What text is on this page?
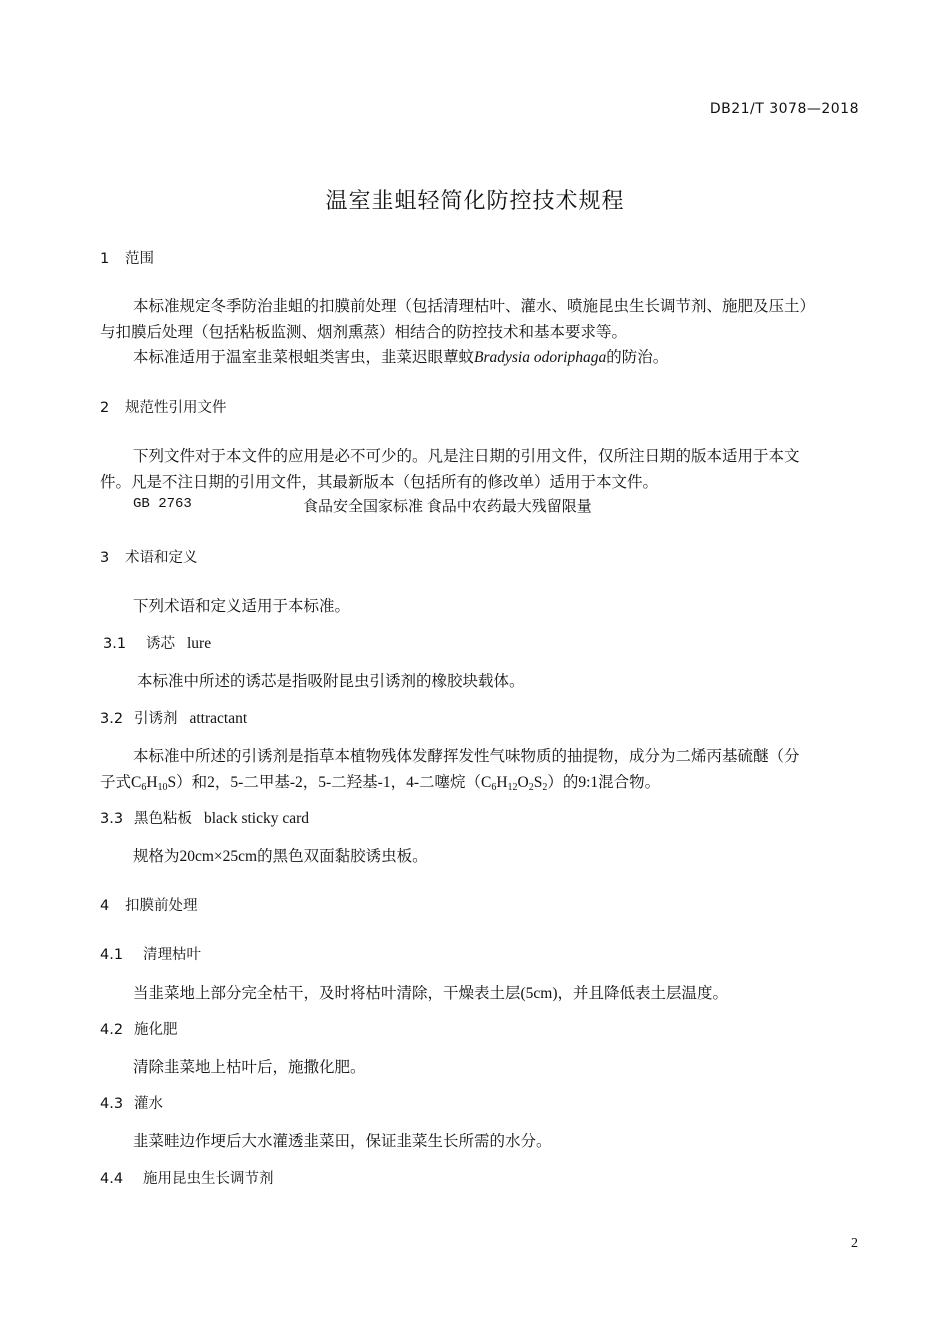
DB21/T 3078—2018
温室韭蛆轻简化防控技术规程
1 范围
本标准规定冬季防治韭蛆的扣膜前处理（包括清理枯叶、灌水、喷施昆虫生长调节剂、施肥及压土）
与扣膜后处理（包括粘板监测、烟剂熏蒸）相结合的防控技术和基本要求等。
本标准适用于温室韭菜根蛆类害虫，韭菜迟眼蕈蚊Bradysia odoriphaga的防治。
2 规范性引用文件
下列文件对于本文件的应用是必不可少的。凡是注日期的引用文件，仅所注日期的版本适用于本文
件。凡是不注日期的引用文件，其最新版本（包括所有的修改单）适用于本文件。
GB 2763	食品安全国家标准 食品中农药最大残留限量
3 术语和定义
下列术语和定义适用于本标准。
3.1 诱芯 lure
本标准中所述的诱芯是指吸附昆虫引诱剂的橡胶块载体。
3.2 引诱剂 attractant
本标准中所述的引诱剂是指草本植物残体发酵挥发性气味物质的抽提物，成分为二烯丙基硫醚（分
子式$C_6H_{10}S$）和2，5-二甲基-2，5-二羟基-1，4-二噻烷$(C_6H_{12}O_2S_2)$的9:1混合物。
3.3 黑色粘板 black sticky card
规格为20cm×25cm的黑色双面黏胶诱虫板。
4 扣膜前处理
4.1 清理枯叶
当韭菜地上部分完全枯干，及时将枯叶清除，干燥表土层(5cm)，并且降低表土层温度。
4.2 施化肥
清除韭菜地上枯叶后，施撒化肥。
4.3 灌水
韭菜畦边作埂后大水灌透韭菜田，保证韭菜生长所需的水分。
4.4 施用昆虫生长调节剂
2
